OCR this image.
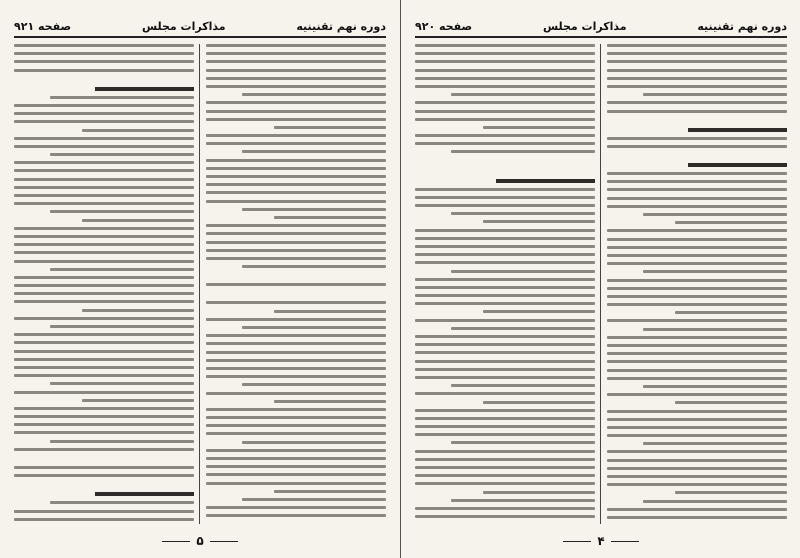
دوره نهم تقنینیه
مذاکرات مجلس
صفحه ۹۲۱
۵
دوره نهم تقنینیه
مذاکرات مجلس
صفحه ۹۲۰
۴
